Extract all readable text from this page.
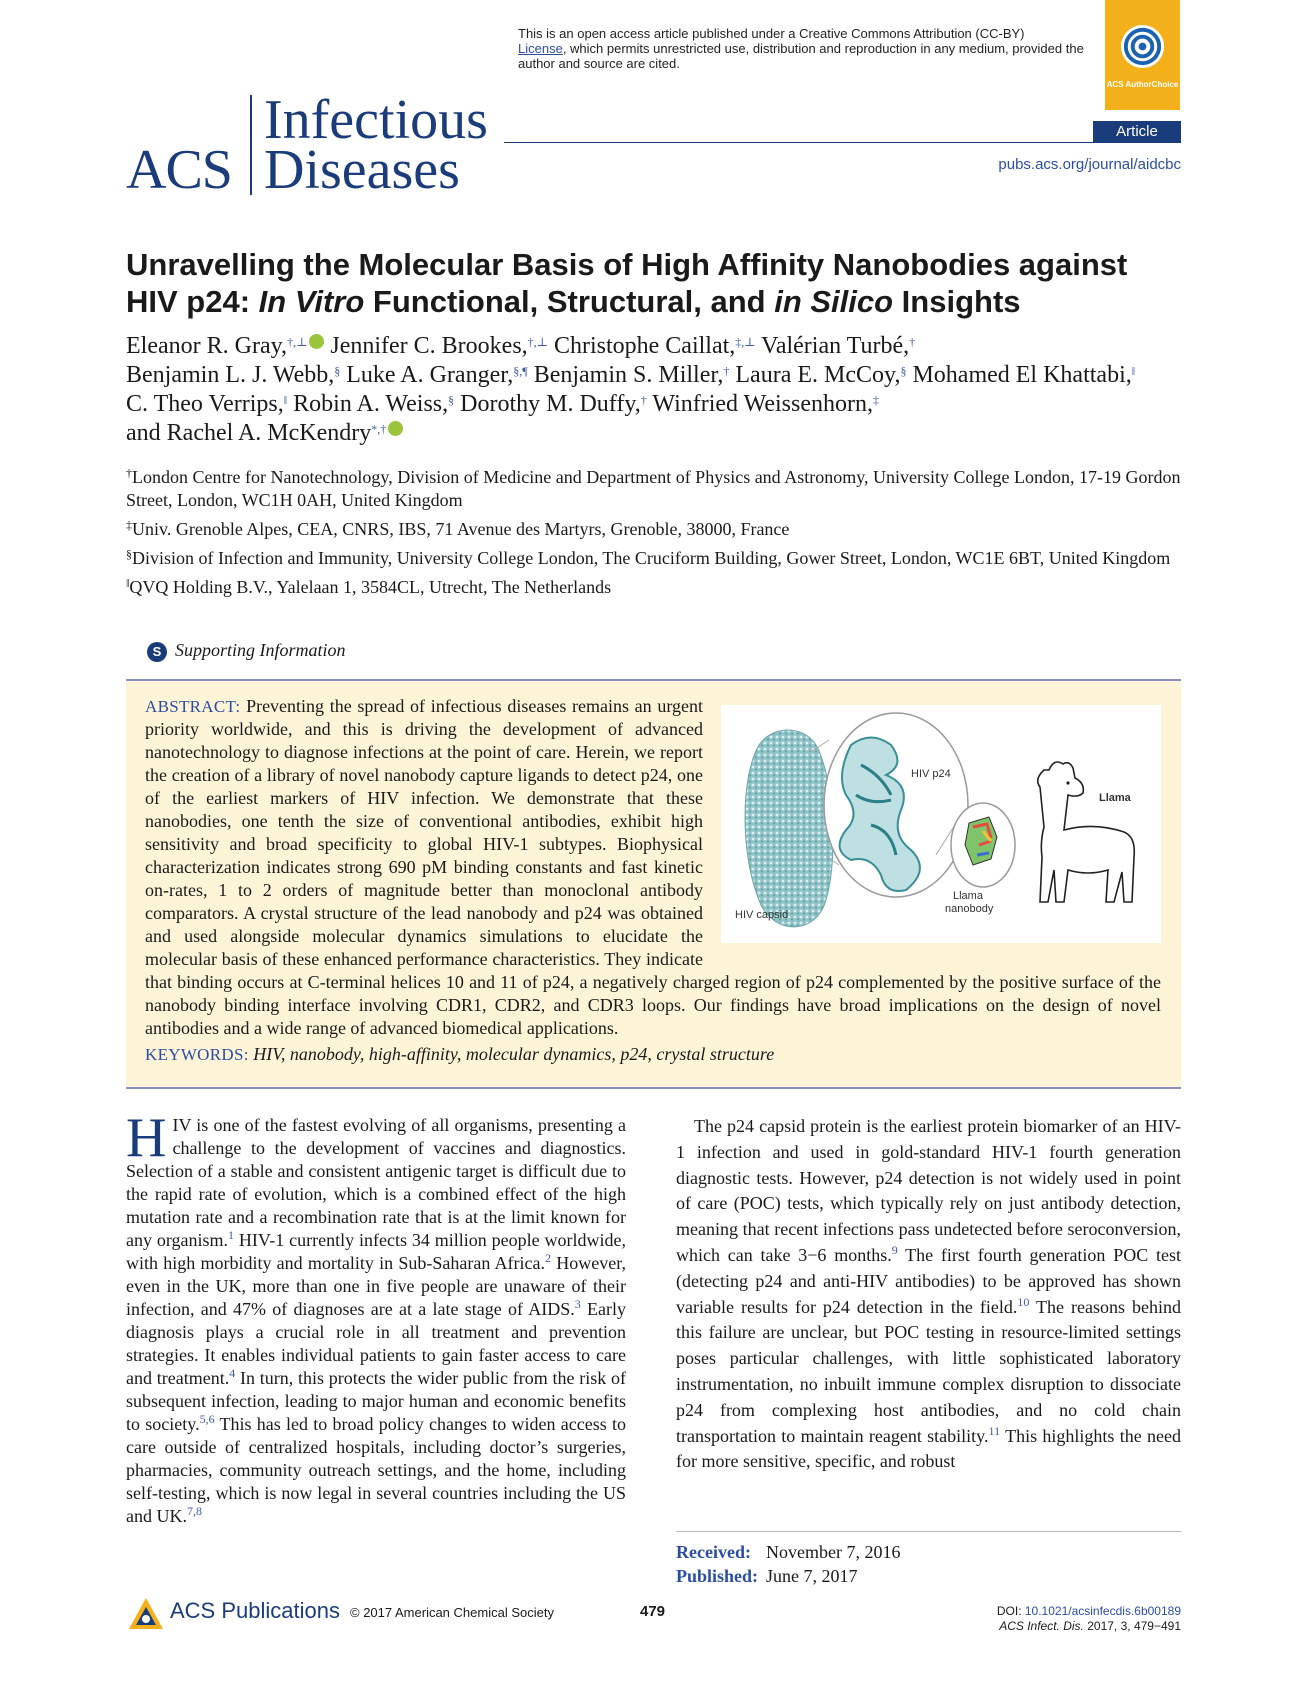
This is an open access article published under a Creative Commons Attribution (CC-BY)
License, which permits unrestricted use, distribution and reproduction in any medium, provided the author and source are cited.
ACS AuthorChoice
ACS
Infectious
Diseases
Article
pubs.acs.org/journal/aidcbc
Unravelling the Molecular Basis of High Affinity Nanobodies against
HIV p24: In Vitro Functional, Structural, and in Silico Insights
Eleanor R. Gray,†,⊥ Jennifer C. Brookes,†,⊥ Christophe Caillat,‡,⊥ Valérian Turbé,†
Benjamin L. J. Webb,§ Luke A. Granger,§,¶ Benjamin S. Miller,† Laura E. McCoy,§ Mohamed El Khattabi,‖
C. Theo Verrips,‖ Robin A. Weiss,§ Dorothy M. Duffy,† Winfried Weissenhorn,‡
and Rachel A. McKendry*,†
†London Centre for Nanotechnology, Division of Medicine and Department of Physics and Astronomy, University College London, 17-19 Gordon Street, London, WC1H 0AH, United Kingdom
‡Univ. Grenoble Alpes, CEA, CNRS, IBS, 71 Avenue des Martyrs, Grenoble, 38000, France
§Division of Infection and Immunity, University College London, The Cruciform Building, Gower Street, London, WC1E 6BT, United Kingdom
‖QVQ Holding B.V., Yalelaan 1, 3584CL, Utrecht, The Netherlands
S Supporting Information
HIV p24
Llama
nanobody
Llama
HIV capsid
ABSTRACT: Preventing the spread of infectious diseases remains an urgent priority worldwide, and this is driving the development of advanced nanotechnology to diagnose infections at the point of care. Herein, we report the creation of a library of novel nanobody capture ligands to detect p24, one of the earliest markers of HIV infection. We demonstrate that these nanobodies, one tenth the size of conventional antibodies, exhibit high sensitivity and broad specificity to global HIV-1 subtypes. Biophysical characterization indicates strong 690 pM binding constants and fast kinetic on-rates, 1 to 2 orders of magnitude better than monoclonal antibody comparators. A crystal structure of the lead nanobody and p24 was obtained and used alongside molecular dynamics simulations to elucidate the molecular basis of these enhanced performance characteristics. They indicate that binding occurs at C-terminal helices 10 and 11 of p24, a negatively charged region of p24 complemented by the positive surface of the nanobody binding interface involving CDR1, CDR2, and CDR3 loops. Our findings have broad implications on the design of novel antibodies and a wide range of advanced biomedical applications.
KEYWORDS: HIV, nanobody, high-affinity, molecular dynamics, p24, crystal structure
HIV is one of the fastest evolving of all organisms, presenting a challenge to the development of vaccines and diagnostics. Selection of a stable and consistent antigenic target is difficult due to the rapid rate of evolution, which is a combined effect of the high mutation rate and a recombination rate that is at the limit known for any organism.$^1$ HIV-1 currently infects 34 million people worldwide, with high morbidity and mortality in Sub-Saharan Africa.$^2$ However, even in the UK, more than one in five people are unaware of their infection, and 47% of diagnoses are at a late stage of AIDS.$^3$ Early diagnosis plays a crucial role in all treatment and prevention strategies. It enables individual patients to gain faster access to care and treatment.$^4$ In turn, this protects the wider public from the risk of subsequent infection, leading to major human and economic benefits to society.$^{5,6}$ This has led to broad policy changes to widen access to care outside of centralized hospitals, including doctor’s surgeries, pharmacies, community outreach settings, and the home, including self-testing, which is now legal in several countries including the US and UK.$^{7,8}$
The p24 capsid protein is the earliest protein biomarker of an HIV-1 infection and used in gold-standard HIV-1 fourth generation diagnostic tests. However, p24 detection is not widely used in point of care (POC) tests, which typically rely on just antibody detection, meaning that recent infections pass undetected before seroconversion, which can take 3−6 months.$^9$ The first fourth generation POC test (detecting p24 and anti-HIV antibodies) to be approved has shown variable results for p24 detection in the field.$^{10}$ The reasons behind this failure are unclear, but POC testing in resource-limited settings poses particular challenges, with little sophisticated laboratory instrumentation, no inbuilt immune complex disruption to dissociate p24 from complexing host antibodies, and no cold chain transportation to maintain reagent stability.$^{11}$ This highlights the need for more sensitive, specific, and robust
Received: November 7, 2016
Published: June 7, 2017
ACS Publications © 2017 American Chemical Society	479	DOI: 10.1021/acsinfecdis.6b00189
ACS Infect. Dis. 2017, 3, 479−491
